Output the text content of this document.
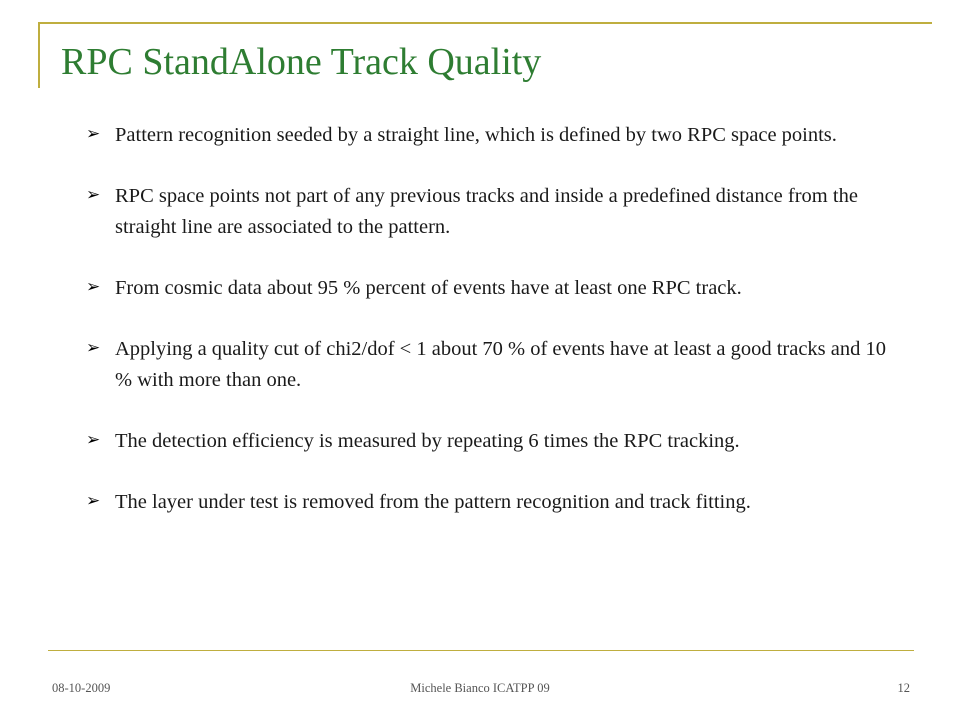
RPC StandAlone Track Quality
➢ Pattern recognition seeded by a straight line, which is defined by two RPC space points.
➢ RPC space points not part of any previous tracks and inside a predefined distance from the straight line are associated to the pattern.
➢ From cosmic data about 95 % percent of events have at least one RPC track.
➢ Applying a quality cut of chi2/dof < 1 about 70 % of events have at least a good tracks and 10 % with more than one.
➢ The detection efficiency is measured by repeating 6 times the RPC tracking.
➢ The layer under test is removed from the pattern recognition and track fitting.
08-10-2009	Michele Bianco ICATPP 09	12
